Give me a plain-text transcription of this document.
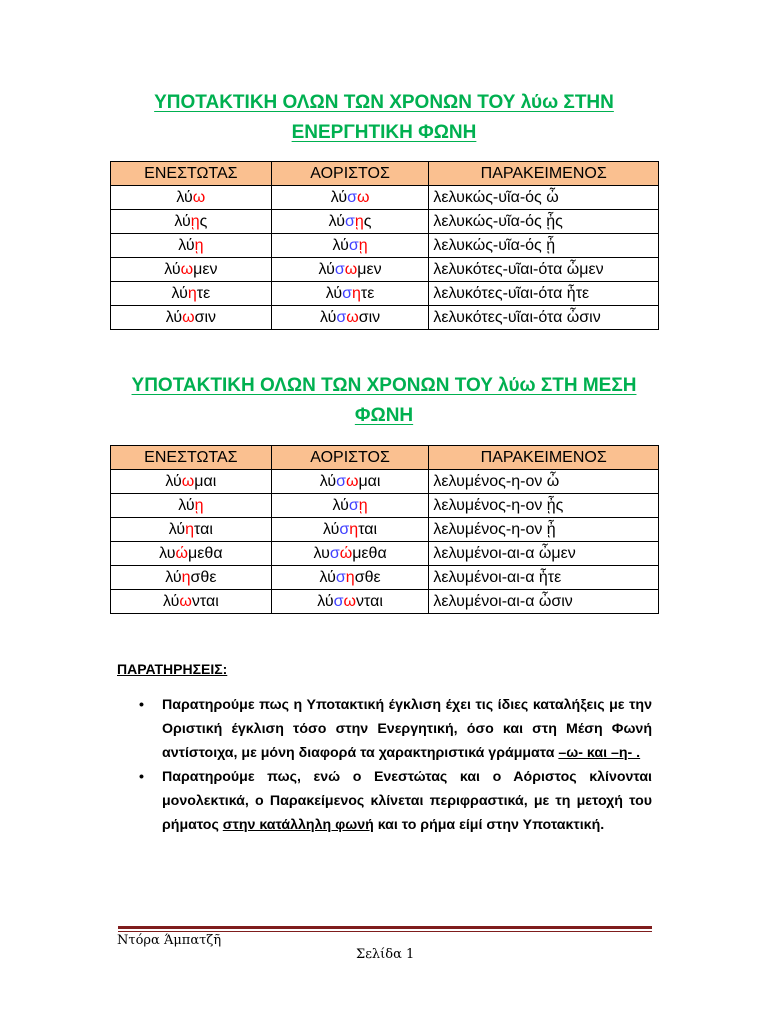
ΥΠΟΤΑΚΤΙΚΗ ΟΛΩΝ ΤΩΝ ΧΡΟΝΩΝ ΤΟΥ λύω ΣΤΗΝ
ΕΝΕΡΓΗΤΙΚΗ ΦΩΝΗ
ΕΝΕΣΤΩΤΑΣ	ΑΟΡΙΣΤΟΣ	ΠΑΡΑΚΕΙΜΕΝΟΣ
λύω	λύσω	λελυκώς-υῖα-ός ὦ
λύῃς	λύσῃς	λελυκώς-υῖα-ός ᾖς
λύῃ	λύσῃ	λελυκώς-υῖα-ός ᾖ
λύωμεν	λύσωμεν	λελυκότες-υῖαι-ότα ὦμεν
λύητε	λύσητε	λελυκότες-υῖαι-ότα ἦτε
λύωσιν	λύσωσιν	λελυκότες-υῖαι-ότα ὦσιν
ΥΠΟΤΑΚΤΙΚΗ ΟΛΩΝ ΤΩΝ ΧΡΟΝΩΝ ΤΟΥ λύω ΣΤΗ ΜΕΣΗ
ΦΩΝΗ
ΕΝΕΣΤΩΤΑΣ	ΑΟΡΙΣΤΟΣ	ΠΑΡΑΚΕΙΜΕΝΟΣ
λύωμαι	λύσωμαι	λελυμένος-η-ον ὦ
λύῃ	λύσῃ	λελυμένος-η-ον ᾖς
λύηται	λύσηται	λελυμένος-η-ον ᾖ
λυώμεθα	λυσώμεθα	λελυμένοι-αι-α ὦμεν
λύησθε	λύσησθε	λελυμένοι-αι-α ἦτε
λύωνται	λύσωνται	λελυμένοι-αι-α ὦσιν
ΠΑΡΑΤΗΡΗΣΕΙΣ:
• Παρατηρούμε πως η Υποτακτική έγκλιση έχει τις ίδιες καταλήξεις με την Οριστική έγκλιση τόσο στην Ενεργητική, όσο και στη Μέση Φωνή αντίστοιχα, με μόνη διαφορά τα χαρακτηριστικά γράμματα –ω- και –η- .
• Παρατηρούμε πως, ενώ ο Ενεστώτας και ο Αόριστος κλίνονται μονολεκτικά, ο Παρακείμενος κλίνεται περιφραστικά, με τη μετοχή του ρήματος στην κατάλληλη φωνή και το ρήμα είμί στην Υποτακτική.
Ντόρα Άμπατζῆ
Σελίδα 1
